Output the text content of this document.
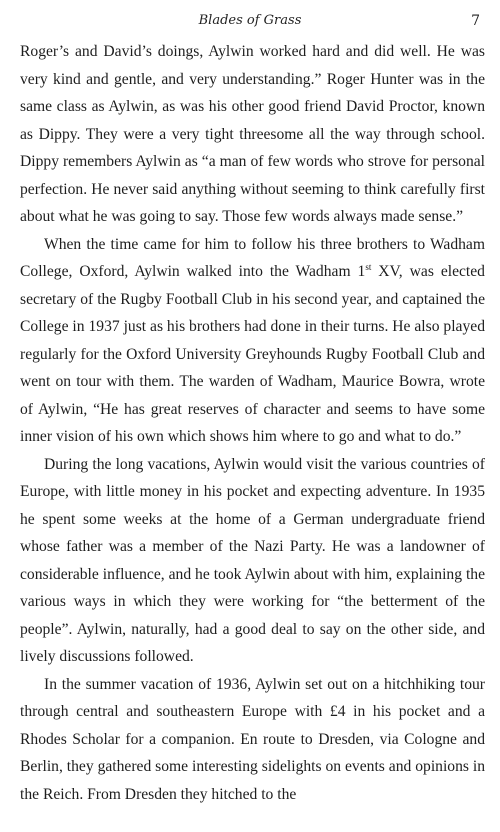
Blades of Grass	7

Roger’s and David’s doings, Aylwin worked hard and did well. He was very kind and gentle, and very understanding.” Roger Hunter was in the same class as Aylwin, as was his other good friend David Proctor, known as Dippy. They were a very tight threesome all the way through school. Dippy remembers Aylwin as “a man of few words who strove for personal perfection. He never said anything without seeming to think carefully first about what he was going to say. Those few words always made sense.”

When the time came for him to follow his three brothers to Wadham College, Oxford, Aylwin walked into the Wadham 1st XV, was elected secretary of the Rugby Football Club in his second year, and captained the College in 1937 just as his brothers had done in their turns. He also played regularly for the Oxford University Greyhounds Rugby Football Club and went on tour with them. The warden of Wadham, Maurice Bowra, wrote of Aylwin, “He has great reserves of character and seems to have some inner vision of his own which shows him where to go and what to do.”

During the long vacations, Aylwin would visit the various countries of Europe, with little money in his pocket and expecting adventure. In 1935 he spent some weeks at the home of a German undergraduate friend whose father was a member of the Nazi Party. He was a landowner of considerable influence, and he took Aylwin about with him, explaining the various ways in which they were working for “the betterment of the people”. Aylwin, naturally, had a good deal to say on the other side, and lively discussions followed.

In the summer vacation of 1936, Aylwin set out on a hitchhiking tour through central and southeastern Europe with £4 in his pocket and a Rhodes Scholar for a companion. En route to Dresden, via Cologne and Berlin, they gathered some interesting sidelights on events and opinions in the Reich. From Dresden they hitched to the
